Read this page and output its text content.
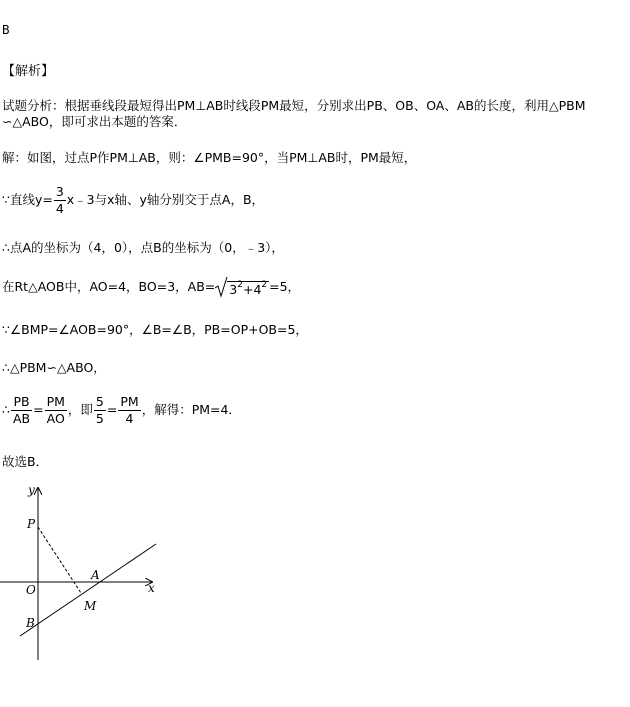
B
【解析】
试题分析：根据垂线段最短得出PM⊥AB时线段PM最短，分别求出PB、OB、OA、AB的长度，利用△PBM
∽△ABO，即可求出本题的答案．
解：如图，过点P作PM⊥AB，则：∠PMB=90°，当PM⊥AB时，PM最短，
∵直线$y= \frac{3}{4}$ x﹣3与x轴、y轴分别交于点A，B，
∴点A的坐标为（4，0），点B的坐标为（0，﹣3），
在Rt△AOB中，AO=4，BO=3，$AB= 3^2+4^2 =5$，
∵∠BMP=∠AOB=90°，∠B=∠B，PB=OP+OB=5，
∴△PBM∽△ABO，
∴ $\frac{PB}{AB} = \frac{PM}{AO}$ ，即 $\frac{5}{5} = \frac{PM}{4}$ ，解得：PM=4．
故选B．
y
x
P
O
A
M
B
